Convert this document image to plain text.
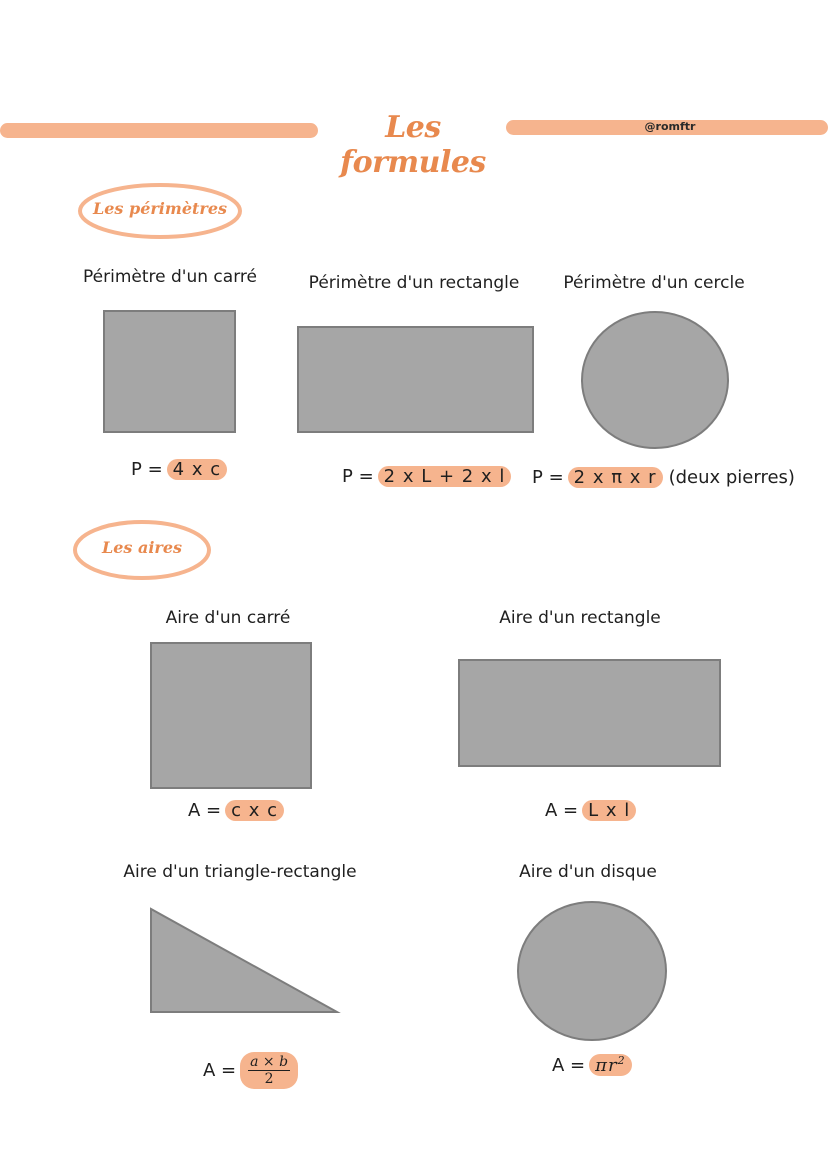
Les formules
@romftr
Les périmètres
Périmètre d'un carré	Périmètre d'un rectangle	Périmètre d'un cercle
P = 4 x c	P = 2 x L + 2 x l	P = 2 x π x r (deux pierres)
Les aires
Aire d'un carré	Aire d'un rectangle
A = c x c	A = L x l
Aire d'un triangle-rectangle	Aire d'un disque
$A = \frac{a \times b}{2}$	$A = \pi r^2$
